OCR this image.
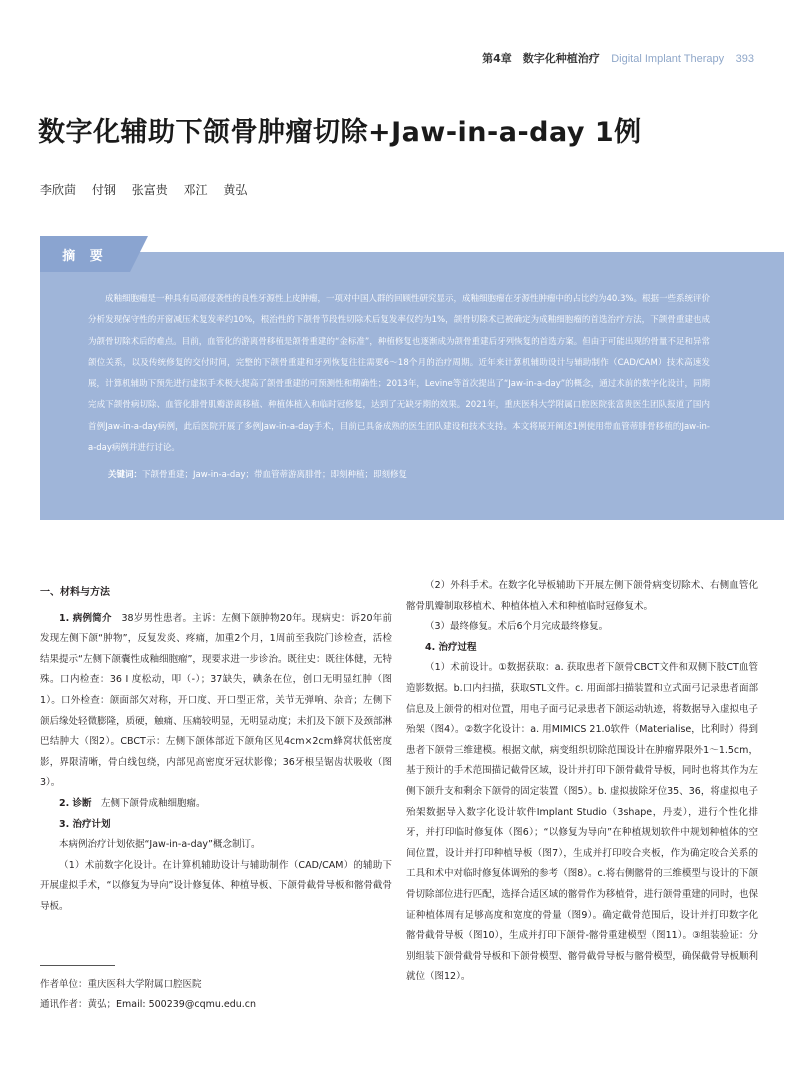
第4章　数字化种植治疗 Digital Implant Therapy 393
数字化辅助下颌骨肿瘤切除+Jaw-in-a-day 1例
李欣茴 付钢 张富贵 邓江 黄弘
摘 要

成釉细胞瘤是一种具有局部侵袭性的良性牙源性上皮肿瘤，一项对中国人群的回顾性研究显示，成釉细胞瘤在牙源性肿瘤中的占比约为40.3%。根据一些系统评价分析发现保守性的开窗减压术复发率约10%，根治性的下颌骨节段性切除术后复发率仅约为1%，颌骨切除术已被确定为成釉细胞瘤的首选治疗方法，下颌骨重建也成为颌骨切除术后的难点。目前，血管化的游离骨移植是颌骨重建的“金标准”，种植修复也逐渐成为颌骨重建后牙列恢复的首选方案。但由于可能出现的骨量不足和异常颌位关系，以及传统修复的交付时间，完整的下颌骨重建和牙列恢复往往需要6～18个月的治疗周期。近年来计算机辅助设计与辅助制作（CAD/CAM）技术高速发展，计算机辅助下预先进行虚拟手术极大提高了颌骨重建的可预测性和精确性；2013年，Levine等首次提出了“Jaw-in-a-day”的概念，通过术前的数字化设计，同期完成下颌骨病切除、血管化腓骨肌瓣游离移植、种植体植入和临时冠修复，达到了无缺牙期的效果。2021年，重庆医科大学附属口腔医院张富贵医生团队报道了国内首例Jaw-in-a-day病例，此后医院开展了多例Jaw-in-a-day手术，目前已具备成熟的医生团队建设和技术支持。本文将展开阐述1例使用带血管蒂腓骨移植的Jaw-in-a-day病例并进行讨论。

关键词：下颌骨重建；Jaw-in-a-day；带血管蒂游离腓骨；即刻种植；即刻修复

一、材料与方法

1. 病例简介　 38岁男性患者。主诉：左侧下颌肿物20年。现病史：诉20年前发现左侧下颌“肿物”，反复发炎、疼痛，加重2个月，1周前至我院门诊检查，活检结果提示“左侧下颌囊性成釉细胞瘤”，现要求进一步诊治。既往史：既往体健，无特殊。口内检查：36 I 度松动，叩（-）；37缺失，碘条在位，创口无明显红肿（图1）。口外检查：颌面部欠对称，开口度、开口型正常，关节无弹响、杂音；左侧下颌后缘处轻微膨隆，质硬，触痛、压痛较明显，无明显动度；未扪及下颌下及颈部淋巴结肿大（图2）。CBCT示：左侧下颌体部近下颌角区见4cm×2cm蜂窝状低密度影，界限清晰，骨白线包绕，内部见高密度牙冠状影像；36牙根呈锯齿状吸收（图3）。

2. 诊断　 左侧下颌骨成釉细胞瘤。

3. 治疗计划

本病例治疗计划依据“Jaw-in-a-day”概念制订。

（1）术前数字化设计。在计算机辅助设计与辅助制作（CAD/CAM）的辅助下开展虚拟手术，“以修复为导向”设计修复体、种植导板、下颌骨截骨导板和髂骨截骨导板。

（2）外科手术。在数字化导板辅助下开展左侧下颌骨病变切除术、右侧血管化髂骨肌瓣制取移植术、种植体植入术和种植临时冠修复术。

（3）最终修复。术后6个月完成最终修复。

4. 治疗过程

（1）术前设计。①数据获取：a. 获取患者下颌骨CBCT文件和双侧下肢CT血管造影数据。b.口内扫描，获取STL文件。c. 用面部扫描装置和立式面弓记录患者面部信息及上颌骨的相对位置，用电子面弓记录患者下颌运动轨迹，将数据导入虚拟电子殆架（图4）。②数字化设计：a. 用MIMICS 21.0软件（Materialise，比利时）得到患者下颌骨三维建模。根据文献，病变组织切除范围设计在肿瘤界限外1～1.5cm，基于预计的手术范围描记截骨区域，设计并打印下颌骨截骨导板，同时也将其作为左侧下颌升支和剩余下颌骨的固定装置（图5）。b. 虚拟拔除牙位35、36，将虚拟电子殆架数据导入数字化设计软件Implant Studio（3shape，丹麦），进行个性化排牙，并打印临时修复体（图6）；“以修复为导向”在种植规划软件中规划种植体的空间位置，设计并打印种植导板（图7），生成并打印咬合夹板，作为确定咬合关系的工具和术中对临时修复体调殆的参考（图8）。c.将右侧髂骨的三维模型与设计的下颌骨切除部位进行匹配，选择合适区域的髂骨作为移植骨，进行颌骨重建的同时，也保证种植体周有足够高度和宽度的骨量（图9）。确定截骨范围后，设计并打印数字化髂骨截骨导板（图10），生成并打印下颌骨-髂骨重建模型（图11）。③组装验证：分别组装下颌骨截骨导板和下颌骨模型、髂骨截骨导板与髂骨模型，确保截骨导板顺利就位（图12）。

作者单位：重庆医科大学附属口腔医院
通讯作者：黄弘；Email: 500239@cqmu.edu.cn
